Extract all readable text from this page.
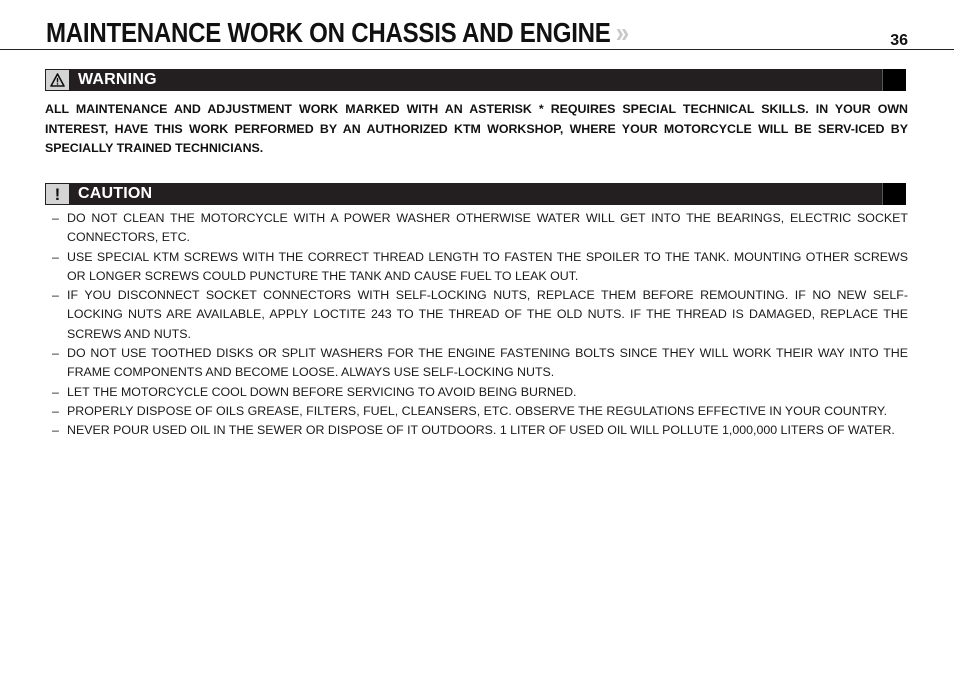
MAINTENANCE WORK ON CHASSIS AND ENGINE »	36
WARNING
ALL MAINTENANCE AND ADJUSTMENT WORK MARKED WITH AN ASTERISK * REQUIRES SPECIAL TECHNICAL SKILLS. IN YOUR OWN INTEREST, HAVE THIS WORK PERFORMED BY AN AUTHORIZED KTM WORKSHOP, WHERE YOUR MOTORCYCLE WILL BE SERV-ICED BY SPECIALLY TRAINED TECHNICIANS.
! CAUTION
– DO NOT CLEAN THE MOTORCYCLE WITH A POWER WASHER OTHERWISE WATER WILL GET INTO THE BEARINGS, ELECTRIC SOCKET CONNECTORS, ETC.
– USE SPECIAL KTM SCREWS WITH THE CORRECT THREAD LENGTH TO FASTEN THE SPOILER TO THE TANK. MOUNTING OTHER SCREWS OR LONGER SCREWS COULD PUNCTURE THE TANK AND CAUSE FUEL TO LEAK OUT.
– IF YOU DISCONNECT SOCKET CONNECTORS WITH SELF-LOCKING NUTS, REPLACE THEM BEFORE REMOUNTING. IF NO NEW SELF-LOCKING NUTS ARE AVAILABLE, APPLY LOCTITE 243 TO THE THREAD OF THE OLD NUTS. IF THE THREAD IS DAMAGED, REPLACE THE SCREWS AND NUTS.
– DO NOT USE TOOTHED DISKS OR SPLIT WASHERS FOR THE ENGINE FASTENING BOLTS SINCE THEY WILL WORK THEIR WAY INTO THE FRAME COMPONENTS AND BECOME LOOSE. ALWAYS USE SELF-LOCKING NUTS.
– LET THE MOTORCYCLE COOL DOWN BEFORE SERVICING TO AVOID BEING BURNED.
– PROPERLY DISPOSE OF OILS GREASE, FILTERS, FUEL, CLEANSERS, ETC. OBSERVE THE REGULATIONS EFFECTIVE IN YOUR COUNTRY.
– NEVER POUR USED OIL IN THE SEWER OR DISPOSE OF IT OUTDOORS. 1 LITER OF USED OIL WILL POLLUTE 1,000,000 LITERS OF WATER.
